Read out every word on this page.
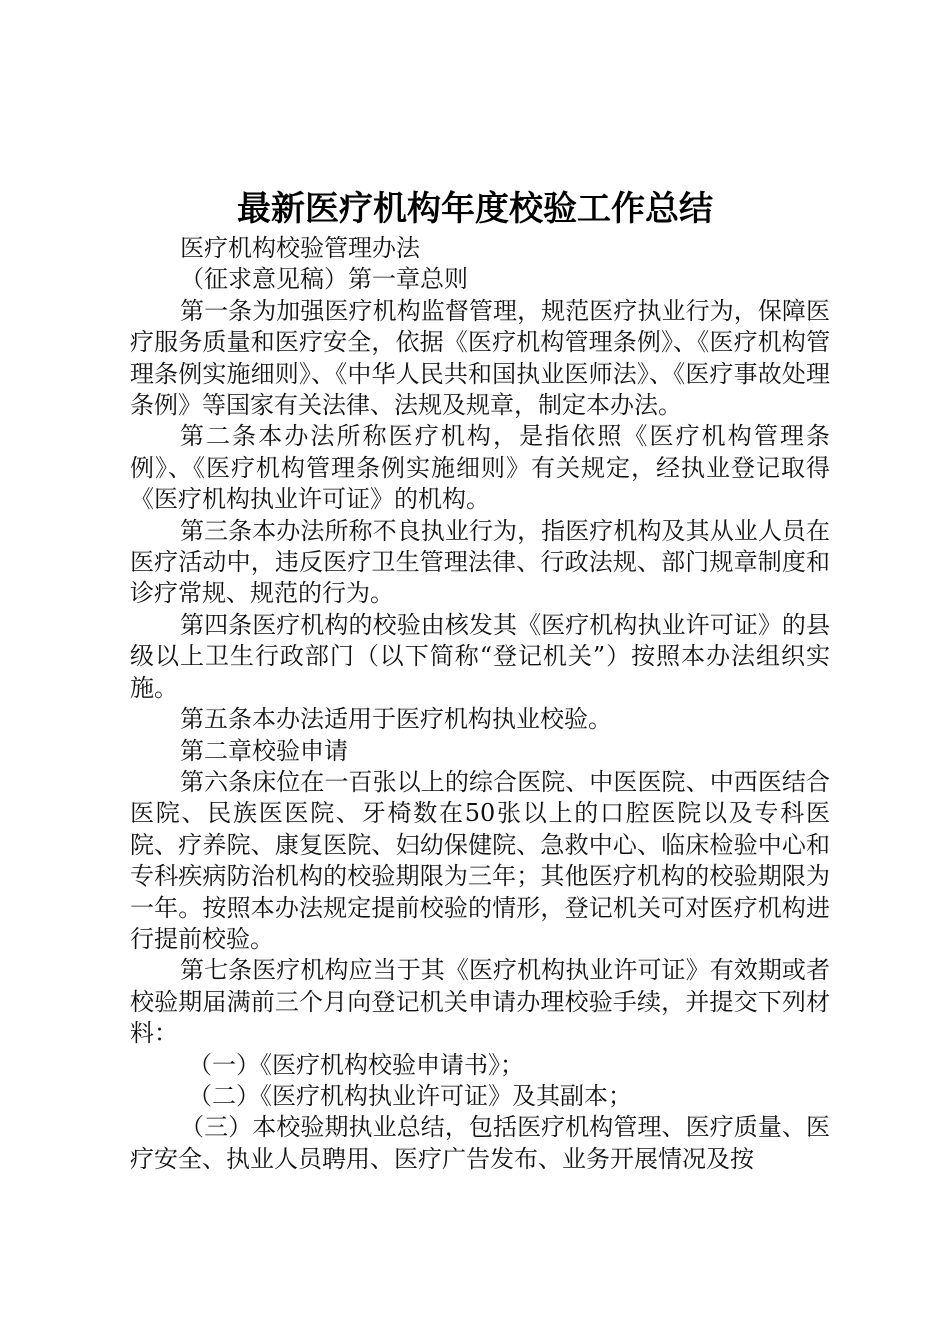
最新医疗机构年度校验工作总结

医疗机构校验管理办法

（征求意见稿）第一章总则

第一条为加强医疗机构监督管理，规范医疗执业行为，保障医疗服务质量和医疗安全，依据《医疗机构管理条例》、《医疗机构管理条例实施细则》、《中华人民共和国执业医师法》、《医疗事故处理条例》等国家有关法律、法规及规章，制定本办法。

第二条本办法所称医疗机构，是指依照《医疗机构管理条例》、《医疗机构管理条例实施细则》有关规定，经执业登记取得《医疗机构执业许可证》的机构。

第三条本办法所称不良执业行为，指医疗机构及其从业人员在医疗活动中，违反医疗卫生管理法律、行政法规、部门规章制度和诊疗常规、规范的行为。

第四条医疗机构的校验由核发其《医疗机构执业许可证》的县级以上卫生行政部门（以下简称“登记机关”）按照本办法组织实施。

第五条本办法适用于医疗机构执业校验。

第二章校验申请

第六条床位在一百张以上的综合医院、中医医院、中西医结合医院、民族医医院、牙椅数在50张以上的口腔医院以及专科医院、疗养院、康复医院、妇幼保健院、急救中心、临床检验中心和专科疾病防治机构的校验期限为三年；其他医疗机构的校验期限为一年。按照本办法规定提前校验的情形，登记机关可对医疗机构进行提前校验。

第七条医疗机构应当于其《医疗机构执业许可证》有效期或者校验期届满前三个月向登记机关申请办理校验手续，并提交下列材料：

（一）《医疗机构校验申请书》；

（二）《医疗机构执业许可证》及其副本；

（三）本校验期执业总结，包括医疗机构管理、医疗质量、医疗安全、执业人员聘用、医疗广告发布、业务开展情况及按
